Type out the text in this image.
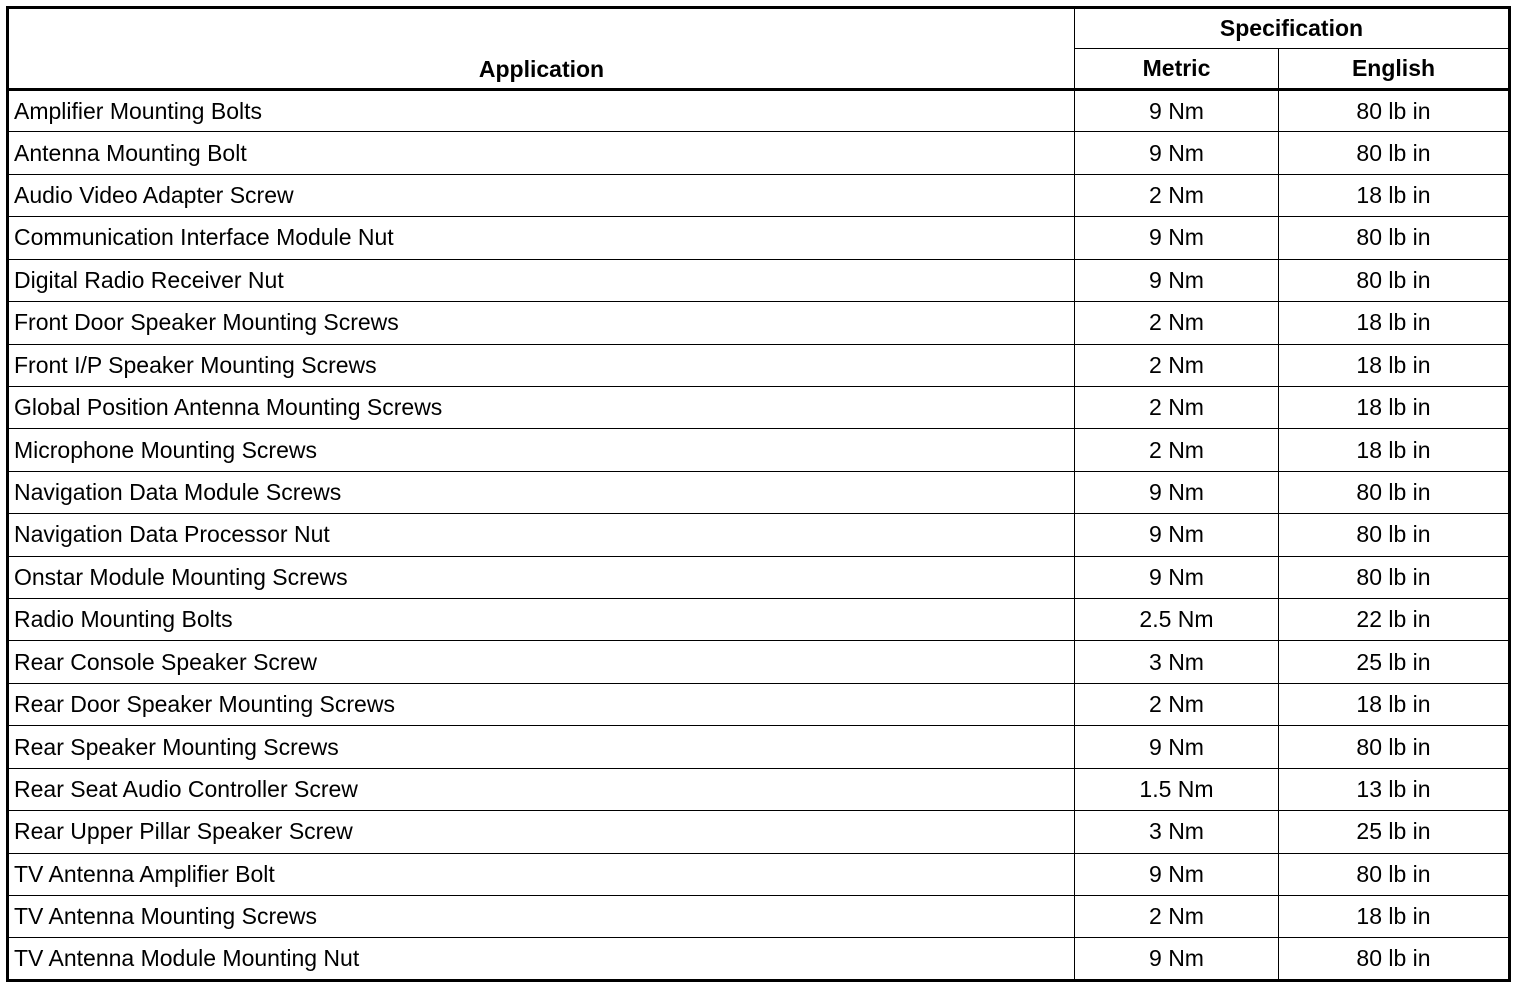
Application	Specification	
	Metric	English
Amplifier Mounting Bolts	9 Nm	80 lb in
Antenna Mounting Bolt	9 Nm	80 lb in
Audio Video Adapter Screw	2 Nm	18 lb in
Communication Interface Module Nut	9 Nm	80 lb in
Digital Radio Receiver Nut	9 Nm	80 lb in
Front Door Speaker Mounting Screws	2 Nm	18 lb in
Front I/P Speaker Mounting Screws	2 Nm	18 lb in
Global Position Antenna Mounting Screws	2 Nm	18 lb in
Microphone Mounting Screws	2 Nm	18 lb in
Navigation Data Module Screws	9 Nm	80 lb in
Navigation Data Processor Nut	9 Nm	80 lb in
Onstar Module Mounting Screws	9 Nm	80 lb in
Radio Mounting Bolts	2.5 Nm	22 lb in
Rear Console Speaker Screw	3 Nm	25 lb in
Rear Door Speaker Mounting Screws	2 Nm	18 lb in
Rear Speaker Mounting Screws	9 Nm	80 lb in
Rear Seat Audio Controller Screw	1.5 Nm	13 lb in
Rear Upper Pillar Speaker Screw	3 Nm	25 lb in
TV Antenna Amplifier Bolt	9 Nm	80 lb in
TV Antenna Mounting Screws	2 Nm	18 lb in
TV Antenna Module Mounting Nut	9 Nm	80 lb in
